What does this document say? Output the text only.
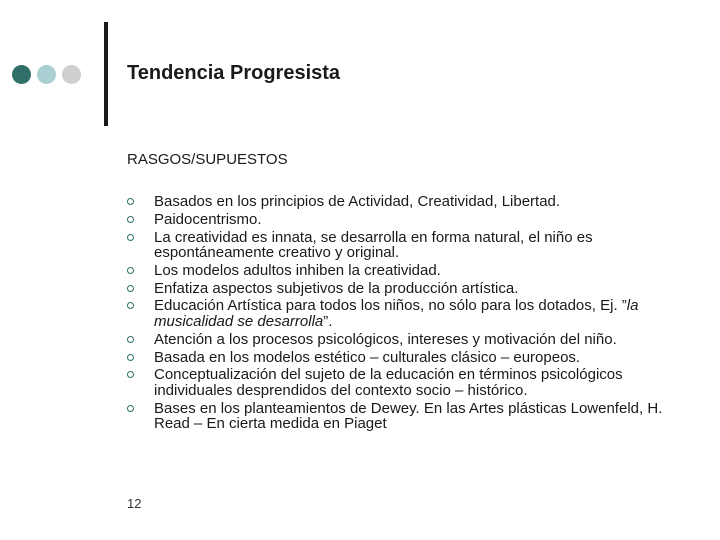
Tendencia Progresista

RASGOS/SUPUESTOS

Basados en los principios de Actividad, Creatividad, Libertad.
Paidocentrismo.
La creatividad es innata, se desarrolla en forma natural, el niño es espontáneamente creativo y original.
Los modelos adultos inhiben la creatividad.
Enfatiza aspectos subjetivos de la producción artística.
Educación Artística para todos los niños, no sólo para los dotados, Ej. ”la musicalidad se desarrolla”.
Atención a los procesos psicológicos, intereses y motivación del niño.
Basada en los modelos estético – culturales clásico – europeos.
Conceptualización del sujeto de la educación en términos psicológicos individuales desprendidos del contexto socio – histórico.
Bases en los planteamientos de Dewey. En las Artes plásticas Lowenfeld, H. Read – En cierta medida en Piaget
12
